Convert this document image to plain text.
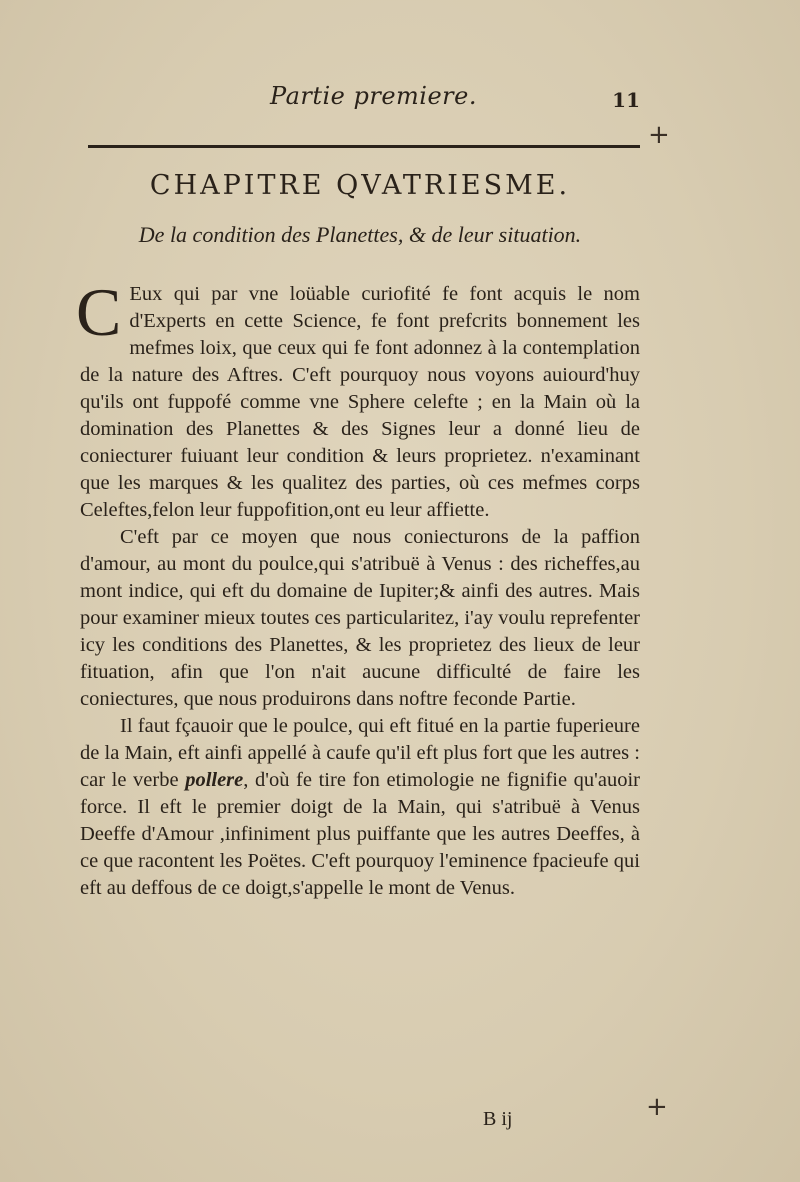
Partie premiere.	11
CHAPITRE QVATRIESME.
De la condition des Planettes, & de leur situation.

C Eux qui par vne loüable curiofité fe font acquis le nom d'Experts en cette Science, fe font prefcrits bonnement les mefmes loix, que ceux qui fe font adonnez à la contemplation de la nature des Aftres. C'eft pourquoy nous voyons auiourd'huy qu'ils ont fuppofé comme vne Sphere celefte ; en la Main où la domination des Planettes & des Signes leur a donné lieu de coniecturer fuiuant leur condition & leurs proprietez. n'examinant que les marques & les qualitez des parties, où ces mefmes corps Celeftes,felon leur fuppofition,ont eu leur affiette.

C'eft par ce moyen que nous coniecturons de la paffion d'amour, au mont du poulce,qui s'atribuë à Venus : des richeffes,au mont indice, qui eft du domaine de Iupiter;& ainfi des autres. Mais pour examiner mieux toutes ces particularitez, i'ay voulu reprefenter icy les conditions des Planettes, & les proprietez des lieux de leur fituation, afin que l'on n'ait aucune difficulté de faire les coniectures, que nous produirons dans noftre feconde Partie.

Il faut fçauoir que le poulce, qui eft fitué en la partie fuperieure de la Main, eft ainfi appellé à caufe qu'il eft plus fort que les autres : car le verbe pollere, d'où fe tire fon etimologie ne fignifie qu'auoir force. Il eft le premier doigt de la Main, qui s'atribuë à Venus Deeffe d'Amour ,infiniment plus puiffante que les autres Deeffes, à ce que racontent les Poëtes. C'eft pourquoy l'eminence fpacieufe qui eft au deffous de ce doigt,s'appelle le mont de Venus.

B ij
+
+
